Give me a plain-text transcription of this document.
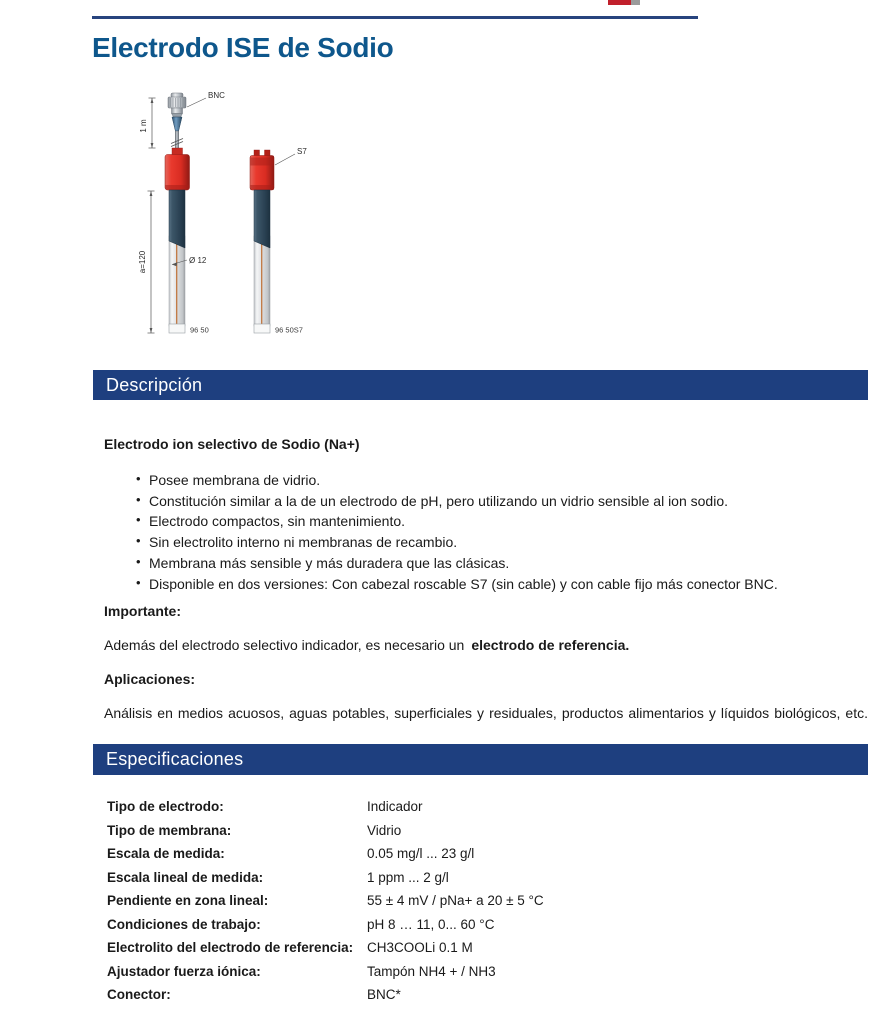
Electrodo ISE de Sodio
1 m
a=120
BNC
S7
Ø 12
96 50	96 50S7
Descripción
Electrodo ion selectivo de Sodio (Na+)
• Posee membrana de vidrio.
• Constitución similar a la de un electrodo de pH, pero utilizando un vidrio sensible al ion sodio.
• Electrodo compactos, sin mantenimiento.
• Sin electrolito interno ni membranas de recambio.
• Membrana más sensible y más duradera que las clásicas.
• Disponible en dos versiones: Con cabezal roscable S7 (sin cable) y con cable fijo más conector BNC.
Importante:

Además del electrodo selectivo indicador, es necesario un electrodo de referencia.

Aplicaciones:

Análisis en medios acuosos, aguas potables, superficiales y residuales, productos alimentarios y líquidos biológicos, etc.

Especificaciones
Tipo de electrodo:	Indicador
Tipo de membrana:	Vidrio
Escala de medida:	0.05 mg/l ... 23 g/l
Escala lineal de medida:	1 ppm ... 2 g/l
Pendiente en zona lineal:	55 ± 4 mV / pNa+ a 20 ± 5 °C
Condiciones de trabajo:	pH 8 … 11, 0... 60 °C
Electrolito del electrodo de referencia:	CH3COOLi 0.1 M
Ajustador fuerza iónica:	Tampón NH4 + / NH3
Conector:	BNC*
